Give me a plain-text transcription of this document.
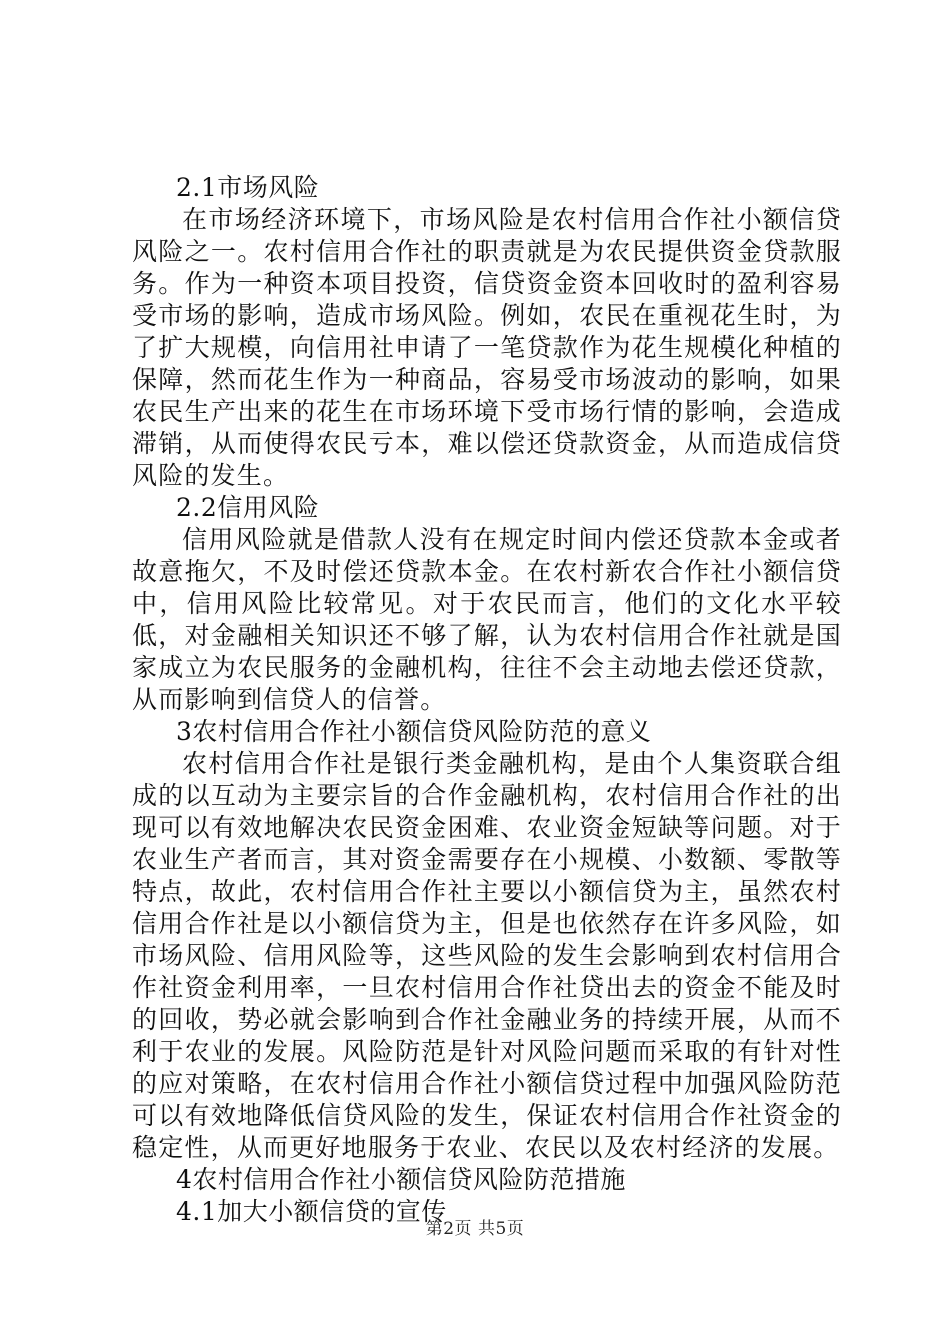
2.1市场风险

在市场经济环境下，市场风险是农村信用合作社小额信贷风险之一。农村信用合作社的职责就是为农民提供资金贷款服务。作为一种资本项目投资，信贷资金资本回收时的盈利容易受市场的影响，造成市场风险。例如，农民在重视花生时，为了扩大规模，向信用社申请了一笔贷款作为花生规模化种植的保障，然而花生作为一种商品，容易受市场波动的影响，如果农民生产出来的花生在市场环境下受市场行情的影响，会造成滞销，从而使得农民亏本，难以偿还贷款资金，从而造成信贷风险的发生。

2.2信用风险

信用风险就是借款人没有在规定时间内偿还贷款本金或者故意拖欠，不及时偿还贷款本金。在农村新农合作社小额信贷中，信用风险比较常见。对于农民而言，他们的文化水平较低，对金融相关知识还不够了解，认为农村信用合作社就是国家成立为农民服务的金融机构，往往不会主动地去偿还贷款，从而影响到信贷人的信誉。

3农村信用合作社小额信贷风险防范的意义

农村信用合作社是银行类金融机构，是由个人集资联合组成的以互动为主要宗旨的合作金融机构，农村信用合作社的出现可以有效地解决农民资金困难、农业资金短缺等问题。对于农业生产者而言，其对资金需要存在小规模、小数额、零散等特点，故此，农村信用合作社主要以小额信贷为主，虽然农村信用合作社是以小额信贷为主，但是也依然存在许多风险，如市场风险、信用风险等，这些风险的发生会影响到农村信用合作社资金利用率，一旦农村信用合作社贷出去的资金不能及时的回收，势必就会影响到合作社金融业务的持续开展，从而不利于农业的发展。风险防范是针对风险问题而采取的有针对性的应对策略，在农村信用合作社小额信贷过程中加强风险防范可以有效地降低信贷风险的发生，保证农村信用合作社资金的稳定性，从而更好地服务于农业、农民以及农村经济的发展。

4农村信用合作社小额信贷风险防范措施

4.1加大小额信贷的宣传

第2页 共5页
